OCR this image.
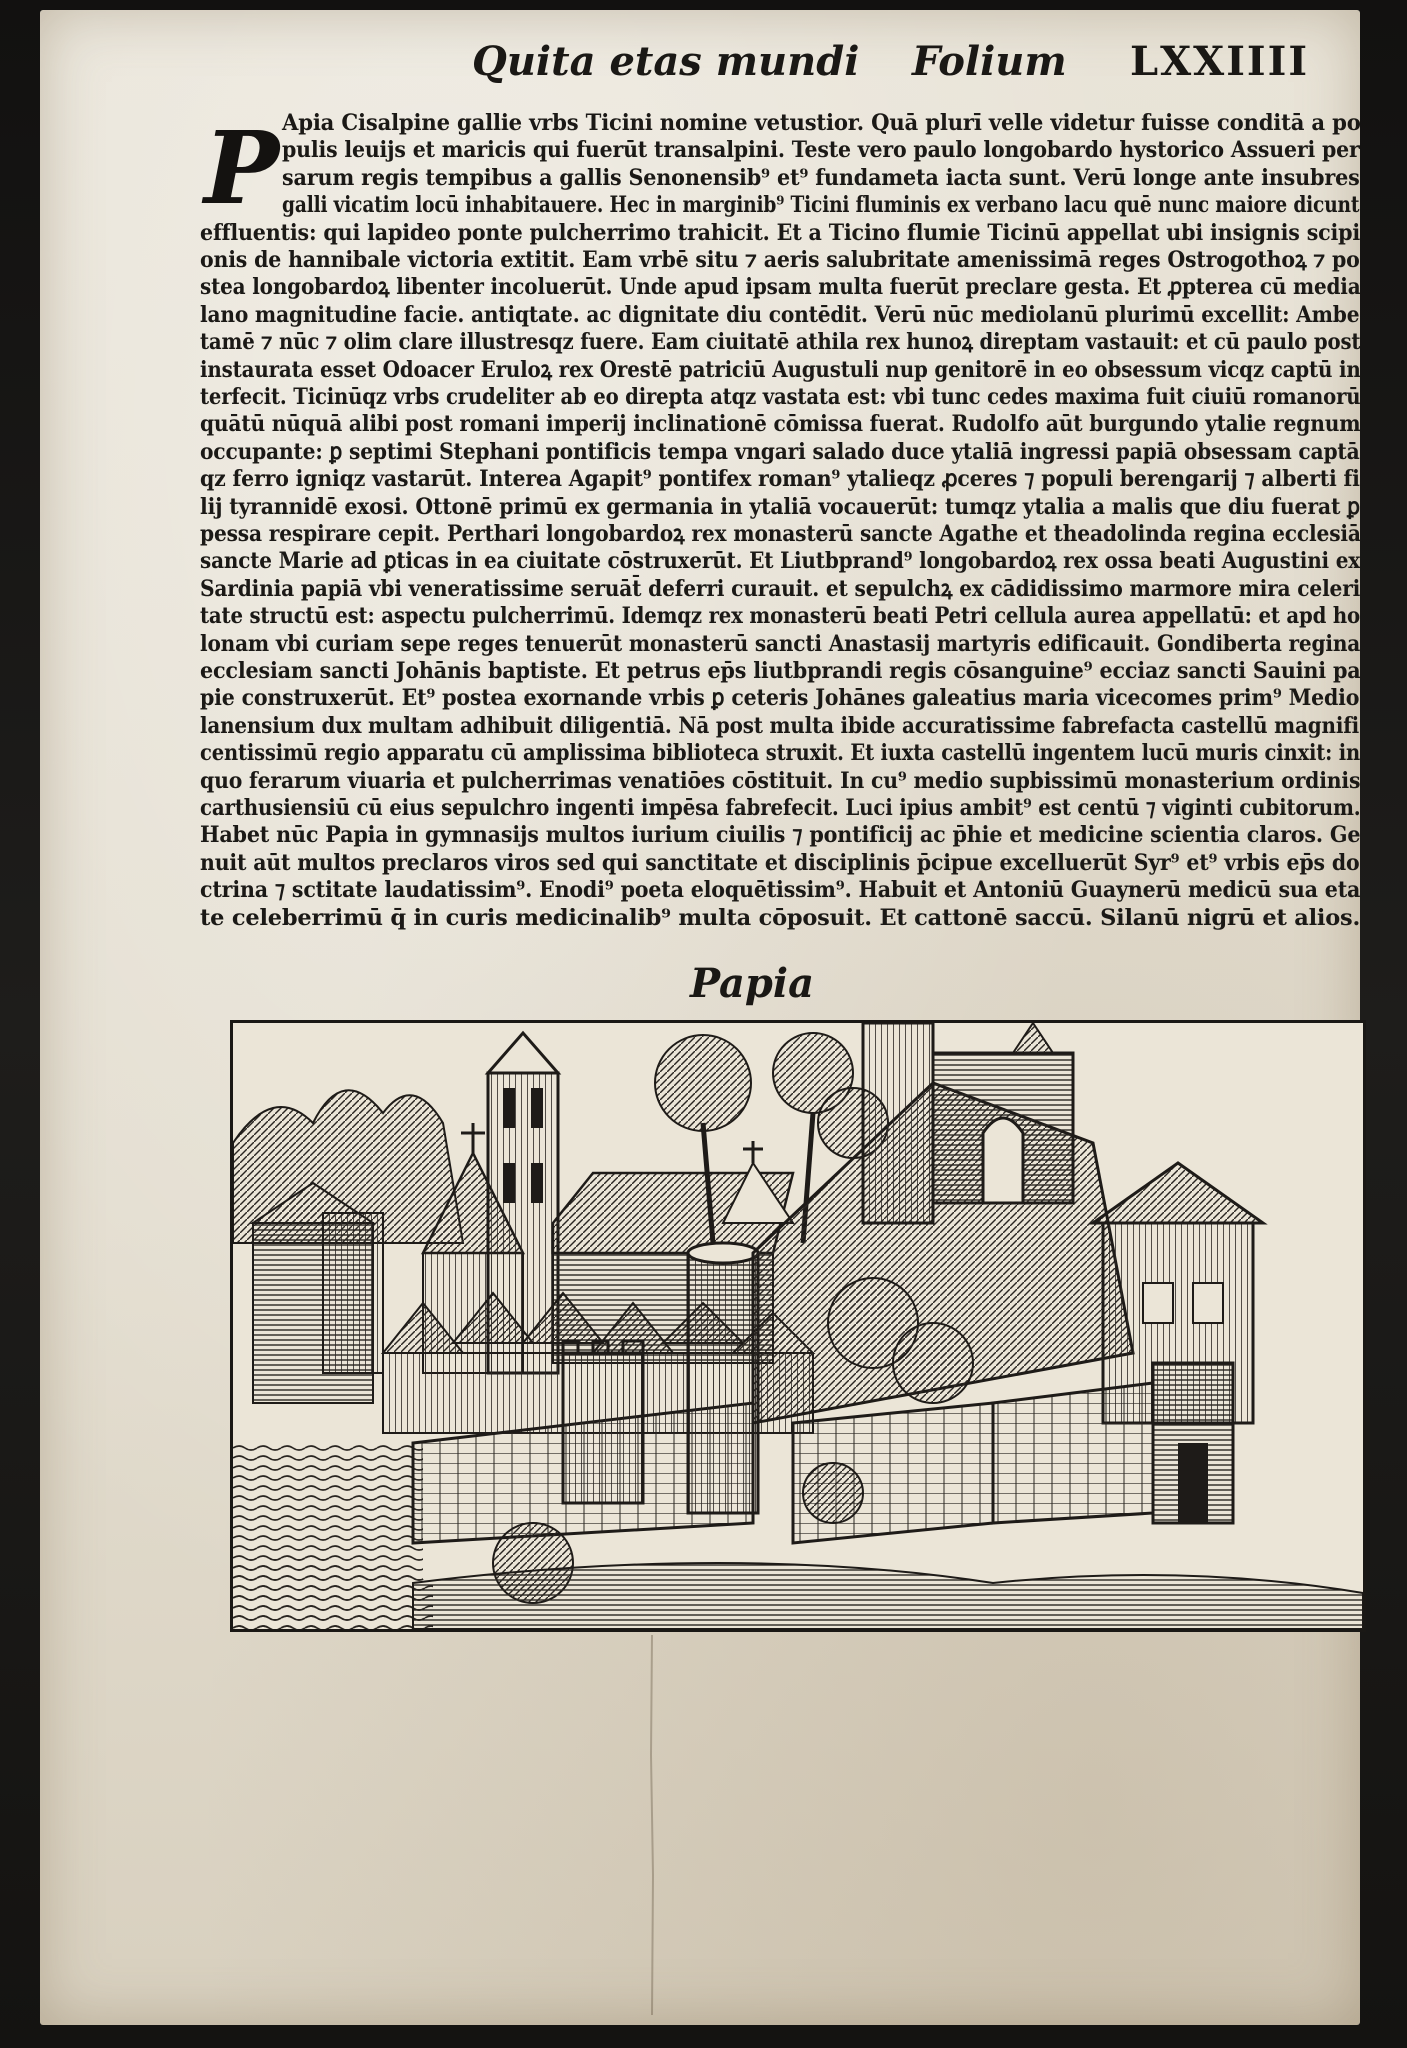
Quita etas mundi Folium LXXIIII
P Apia Cisalpine gallie vrbs Ticini nomine vetustior. Quā plurī velle videtur fuisse conditā a po
pulis leuijs et maricis qui fuerūt transalpini. Teste vero paulo longobardo hystorico Assueri per
sarum regis tempibus a gallis Senonensib⁹ et⁹ fundameta iacta sunt. Verū longe ante insubres
galli vicatim locū inhabitauere. Hec in marginib⁹ Ticini fluminis ex verbano lacu quē nunc maiore dicunt
effluentis: qui lapideo ponte pulcherrimo trahicit. Et a Ticino flumie Ticinū appellat ubi insignis scipi
onis de hannibale victoria extitit. Eam vrbē situ ⁊ aeris salubritate amenissimā reges Ostrogothoꝝ ⁊ po
stea longobardoꝝ libenter incoluerūt. Unde apud ipsam multa fuerūt preclare gesta. Et ꝓpterea cū media
lano magnitudine facie. antiqtate. ac dignitate diu contēdit. Verū nūc mediolanū plurimū excellit: Ambe
tamē ⁊ nūc ⁊ olim clare illustresqz fuere. Eam ciuitatē athila rex hunoꝝ direptam vastauit: et cū paulo post
instaurata esset Odoacer Eruloꝝ rex Orestē patriciū Augustuli nup genitorē in eo obsessum vicqz captū in
terfecit. Ticinūqz vrbs crudeliter ab eo direpta atqz vastata est: vbi tunc cedes maxima fuit ciuiū romanorū
quātū nūquā alibi post romani imperij inclinationē cōmissa fuerat. Rudolfo aūt burgundo ytalie regnum
occupante: ꝑ septimi Stephani pontificis tempa vngari salado duce ytaliā ingressi papiā obsessam captā
qz ferro igniqz vastarūt. Interea Agapit⁹ pontifex roman⁹ ytalieqz ꝓceres ⁊ populi berengarij ⁊ alberti fi
lij tyrannidē exosi. Ottonē primū ex germania in ytaliā vocauerūt: tumqz ytalia a malis que diu fuerat ꝑ
pessa respirare cepit. Perthari longobardoꝝ rex monasterū sancte Agathe et theadolinda regina ecclesiā
sancte Marie ad ꝑticas in ea ciuitate cōstruxerūt. Et Liutbprand⁹ longobardoꝝ rex ossa beati Augustini ex
Sardinia papiā vbi veneratissime seruāt̄ deferri curauit. et sepulchꝝ ex cādidissimo marmore mira celeri
tate structū est: aspectu pulcherrimū. Idemqz rex monasterū beati Petri cellula aurea appellatū: et apd ho
lonam vbi curiam sepe reges tenuerūt monasterū sancti Anastasij martyris edificauit. Gondiberta regina
ecclesiam sancti Johānis baptiste. Et petrus ep̄s liutbprandi regis cōsanguine⁹ ecciaz sancti Sauini pa
pie construxerūt. Et⁹ postea exornande vrbis ꝑ ceteris Johānes galeatius maria vicecomes prim⁹ Medio
lanensium dux multam adhibuit diligentiā. Nā post multa ibide accuratissime fabrefacta castellū magnifi
centissimū regio apparatu cū amplissima biblioteca struxit. Et iuxta castellū ingentem lucū muris cinxit: in
quo ferarum viuaria et pulcherrimas venatiōes cōstituit. In cu⁹ medio supbissimū monasterium ordinis
carthusiensiū cū eius sepulchro ingenti impēsa fabrefecit. Luci ipius ambit⁹ est centū ⁊ viginti cubitorum.
Habet nūc Papia in gymnasijs multos iurium ciuilis ⁊ pontificij ac p̄hie et medicine scientia claros. Ge
nuit aūt multos preclaros viros sed qui sanctitate et disciplinis p̄cipue excelluerūt Syr⁹ et⁹ vrbis ep̄s do
ctrina ⁊ sctitate laudatissim⁹. Enodi⁹ poeta eloquētissim⁹. Habuit et Antoniū Guaynerū medicū sua eta
te celeberrimū q̄ in curis medicinalib⁹ multa cōposuit. Et cattonē saccū. Silanū nigrū et alios.
Papia
